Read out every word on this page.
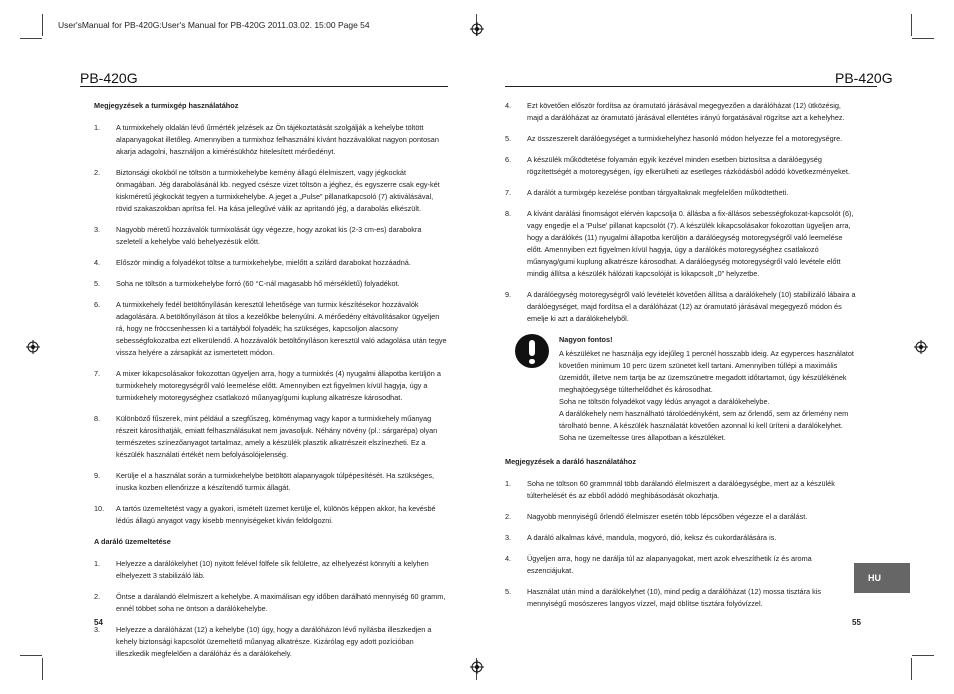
User'sManual for PB-420G:User's Manual for PB-420G 2011.03.02. 15:00 Page 54
PB-420G	PB-420G
Megjegyzések a turmixgép használatához
1. A turmixkehely oldalán lévő űrmérték jelzések az Ön tájékoztatását szolgálják a kehelybe töltött alapanyagokat illetőleg. Amennyiben a turmixhoz felhasználni kívánt hozzávalókat nagyon pontosan akarja adagolni, használjon a kimérésükhöz hitelesített mérőedényt.
2. Biztonsági okokból ne töltsön a turmixkehelybe kemény állagú élelmiszert, vagy jégkockát önmagában. Jég darabolásánál kb. negyed csésze vizet töltsön a jéghez, és egyszerre csak egy-két kiskméretű jégkockát tegyen a turmixkehelybe. A jeget a „Pulse” pillanatkapcsoló (7) aktiválásával, rövid szakaszokban aprítsa fel. Ha kása jellegűvé válik az apritandó jég, a darabolás elkészült.
3. Nagyobb méretű hozzávalók turmixolását úgy végezze, hogy azokat kis (2-3 cm-es) darabokra szeletelí a kehelybe való behelyezésük előtt.
4. Először mindig a folyadékot töltse a turmixkehelybe, mielőtt a szilárd darabokat hozzáadná.
5. Soha ne töltsön a turmixkehelybe forró (60 °C-nál magasabb hő mérsékletű) folyadékot.
6. A turmixkehely fedél betöltőnyílásán keresztül lehetősége van turmix készítésekor hozzávalók adagolására. A betöltőnyíláson át tilos a kezelőkbe belenyúlni. A mérőedény eltávolításakor ügyeljen rá, hogy ne fröccsenhessen ki a tartályból folyadék; ha szükséges, kapcsoljon alacsony sebességfokozatba ezt elkerülendő. A hozzávalók betöltőnyíláson keresztül való adagolása után tegye vissza helyére a zársapkát az ismertetett módon.
7. A mixer kikapcsolásakor fokozottan ügyeljen arra, hogy a turmixkés (4) nyugalmi állapotba kerüljön a turmixkehely motoregységről való leemelése előtt. Amennyiben ezt figyelmen kívül hagyja, úgy a turmixkehely motoregységhez csatlakozó műanyag/gumi kuplung alkatrésze károsodhat.
8. Különböző fűszerek, mint például a szegfűszeg, köménymag vagy kapor a turmixkehely műanyag részeit károsíthatják, emiatt felhasználásukat nem javasoljuk. Néhány növény (pl.: sárgarépa) olyan természetes színezőanyagot tartalmaz, amely a készülék plasztik alkatrészeit elszínezheti. Ez a készülék használati értékét nem befolyásolójelenség.
9. Kerülje el a használat során a turmixkehelybe betöltött alapanyagok túlpépesítését. Ha szükséges, inuska kozben ellenőrizze a készítendő turmix állagát.
10. A tartós üzemeltetést vagy a gyakori, ismételt üzemet kerülje el, különös képpen akkor, ha kevésbé lédús állagú anyagot vagy kisebb mennyiségeket kíván feldolgozni.
A daráló üzemeltetése
1. Helyezze a darálókelyhet (10) nyitott felével fölfele sík felületre, az elhelyezést könnyíti a kelyhen elhelyezett 3 stabilizáló láb.
2. Öntse a darálandó élelmiszert a kehelybe. A maximálisan egy időben darálható mennyiség 60 gramm, ennél többet soha ne öntson a darálókehelybe.
3. Helyezze a darálóházat (12) a kehelybe (10) úgy, hogy a darálóházon lévő nyílásba illeszkedjen a kehely biztonsági kapcsolót üzemeltető műanyag alkatrésze. Kizárólag egy adott pozícióban illeszkedik megfelelően a darálóház és a darálókehely.
4. Ezt követően először fordítsa az óramutató járásával megegyezően a darálóházat (12) ütközésig, majd a darálóházat az óramutató járásával ellentétes irányú forgatásával rögzítse azt a kehelyhez.
5. Az összeszerelt darálóegységet a turmixkehelyhez hasonló módon helyezze fel a motoregységre.
6. A készülék működtetése folyamán egyik kezével minden esetben biztosítsa a darálóegység rögzítettségét a motoregységen, így elkerülheti az esetleges rázkódásból adódó következményeket.
7. A darálót a turmixgép kezelése pontban tárgyaltaknak megfelelően működtetheti.
8. A kívánt darálási finomságot elérvén kapcsolja 0. állásba a fix-állásos sebességfokozat-kapcsolót (6), vagy engedje el a 'Pulse' pillanat kapcsolót (7). A készülék kikapcsolásakor fokozottan ügyeljen arra, hogy a darálókés (11) nyugalmi állapotba kerüljön a darálóegység motoregységről való leemelése előtt. Amennyiben ezt figyelmen kívül hagyja, úgy a darálókés motoregységhez csatlakozó műanyag/gumi kuplung alkatrésze károsodhat. A darálóegység motoregységről való levétele előtt mindig állítsa a készülék hálózati kapcsolóját is kikapcsolt „0” helyzetbe.
9. A darálóegység motoregységről való levételét követően állítsa a darálókehely (10) stabilizáló lábaira a darálóegységet, majd fordítsa el a darálóházat (12) az óramutató járásával megegyező módon és emelje ki azt a darálókehelyből.
Nagyon fontos!

A készüléket ne használja egy idejűleg 1 percnél hosszabb ideig. Az egyperces használatot követően minimum 10 perc üzem szünetet kell tartani. Amennyiben túllépi a maximális üzemidőt, illetve nem tartja be az üzemszünetre megadott időtartamot, úgy készülékének meghajtóegysége túlterhelődhet és károsodhat.

Soha ne töltsön folyadékot vagy lédús anyagot a darálókehelybe.

A darálókehely nem használható tárolóedényként, sem az őrlendő, sem az őrlemény nem tárolható benne. A készülék használatát követően azonnal ki kell üríteni a darálókelyhet.

Soha ne üzemeltesse üres állapotban a készüléket.

Megjegyzések a daráló használatához
1. Soha ne töltson 60 grammnál több darálandó élelmiszert a darálóegységbe, mert az a készülék túlterhelését és az ebből adódó meghibásodását okozhatja.
2. Nagyobb mennyiségű őrlendő élelmiszer esetén több lépcsőben végezze el a darálást.
3. A daráló alkalmas kávé, mandula, mogyoró, dió, keksz és cukordarálására is.
4. Ügyeljen arra, hogy ne darálja túl az alapanyagokat, mert azok elveszíthetik íz és aroma eszenciájukat.
5. Használat után mind a darálókelyhet (10), mind pedig a darálóházat (12) mossa tisztára kis mennyiségű mosószeres langyos vízzel, majd öblítse tisztára folyóvízzel.
54	55
HU
